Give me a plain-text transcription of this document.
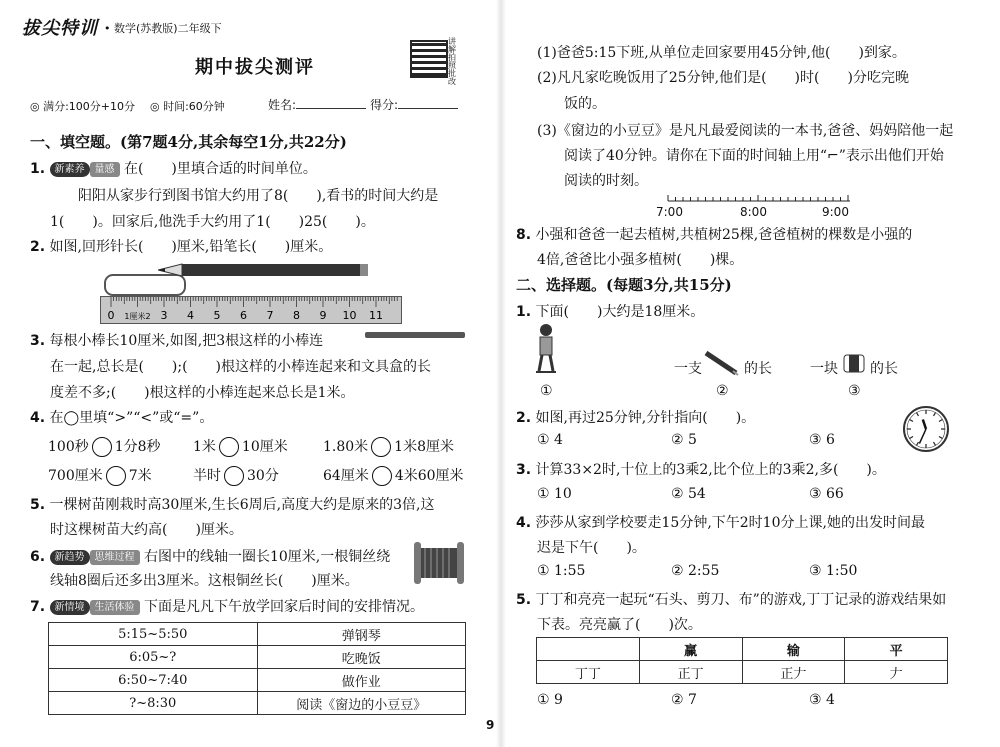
拔尖特训 • 数学(苏教版)二年级下
讲解拍照批改
期中拔尖测评
◎ 满分:100分+10分 ◎ 时间:60分钟	姓名:	得分:
一、填空题。(第7题4分,其余每空1分,共22分)
1. 新素养 量感 在(　　)里填合适的时间单位。
阳阳从家步行到图书馆大约用了8(　　),看书的时间大约是
1(　　)。回家后,他洗手大约用了1(　　)25(　　)。
2. 如图,回形针长(　　)厘米,铅笔长(　　)厘米。
0 1厘米2 3 4 5 6 7 8 9 10 11
3. 每根小棒长10厘米,如图,把3根这样的小棒连
在一起,总长是(　　);(　　)根这样的小棒连起来和文具盒的长
度差不多;(　　)根这样的小棒连起来总长是1米。
4. 在◯里填“>”“<”或“=”。
100秒 1分8秒 1米 10厘米	1.80米 1米8厘米
700厘米 7米	半时 30分	64厘米 4米60厘米
5. 一棵树苗刚栽时高30厘米,生长6周后,高度大约是原来的3倍,这
时这棵树苗大约高(　　)厘米。
6. 新趋势 思维过程 右图中的线轴一圈长10厘米,一根铜丝绕
线轴8圈后还多出3厘米。这根铜丝长(　　)厘米。
7. 新情境 生活体验 下面是凡凡下午放学回家后时间的安排情况。
5:15~5:50	弹钢琴
6:05~?	吃晚饭
6:50~7:40	做作业
?~8:30	阅读《窗边的小豆豆》
(1)爸爸5:15下班,从单位走回家要用45分钟,他(　　)到家。
(2)凡凡家吃晚饭用了25分钟,他们是(　　)时(　　)分吃完晚
饭的。
(3)《窗边的小豆豆》是凡凡最爱阅读的一本书,爸爸、妈妈陪他一起
阅读了40分钟。请你在下面的时间轴上用“⌐”表示出他们开始
阅读的时刻。
7:00	8:00	9:00
8. 小强和爸爸一起去植树,共植树25棵,爸爸植树的棵数是小强的
4倍,爸爸比小强多植树(　　)棵。
二、选择题。(每题3分,共15分)
1. 下面(　　)大约是18厘米。
一支	的长	一块 的长
①	②	③
2. 如图,再过25分钟,分针指向(　　)。
① 4	② 5	③ 6
3. 计算33×2时,十位上的3乘2,比个位上的3乘2,多(　　)。
① 10	② 54	③ 66
4. 莎莎从家到学校要走15分钟,下午2时10分上课,她的出发时间最
迟是下午(　　)。
① 1:55	② 2:55	③ 1:50
5. 丁丁和亮亮一起玩“石头、剪刀、布”的游戏,丁丁记录的游戏结果如
下表。亮亮赢了(　　)次。
	赢	输	平
丁丁	正丁	正𠂇	𠂇
① 9	② 7	③ 4
9
